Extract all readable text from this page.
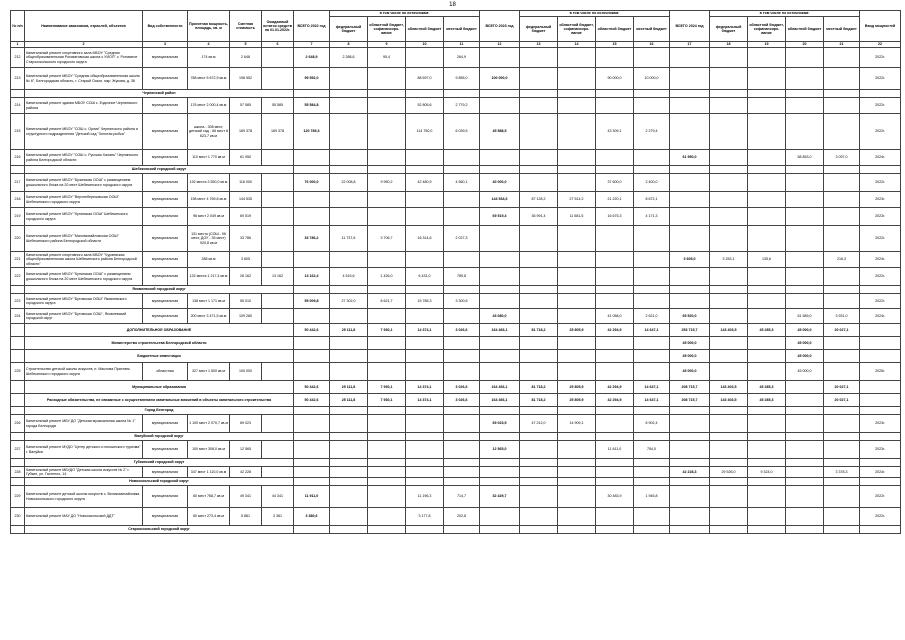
18
№ п/п	Наименование заказчиков, отраслей, объектов	Вид собственности	Проектная мощность, площадь, кв. м	Сметная стоимость	Ожидаемый остаток средств на 01.01.2022г.	ВСЕГО 2022 год	в том числе по источникам:				ВСЕГО 2023 год	в том числе по источникам:				ВСЕГО 2024 год	в том числе по источникам:				Ввод мощностей
							федеральный бюджет	областной бюджет, софинансиро-вание	областной бюджет	местный бюджет		федеральный бюджет	областной бюджет, софинансиро-вание	областной бюджет	местный бюджет		федеральный бюджет	областной бюджет, софинансиро-вание	областной бюджет	местный бюджет	
1	2	3	4	5	6	7	8	9	10	11	12	13	14	15	16	17	18	19	20	21	22
212	Капитальный ремонт спортивного зала МБОУ "Средняя общеобразовательная Роговатовская школа с УИОП" с. Роговатое Старооскольского городского округа	муниципальная	174 кв.м	2 648		2 648,9	2 288,6	95,4		264,9											2022г.
213	Капитальный ремонт МБОУ "Средняя общеобразовательная школа № 6", Белгородская область, г. Старый Оскол, мкр. Жукова, д. 36	муниципальная	788 мест 5 672,9 кв.м	198 552		99 552,0			88 697,0	9 855,0	100 000,0			90 000,0	10 000,0						2022г.
	Чернянский район																				
214	Капитальный ремонт здания МБОУ СОШ с. Ездочное Чернянского района	муниципальная	176 мест 2 000,4 кв.м	57 585	55 585	55 584,8			52 805,6	2 779,2											2022г.
215	Капитальный ремонт МБОУ "СОШ с. Орлик" Чернянского района и структурного подразделения "Детский сад "Золотая рыбка"	муниципальная	школа - 308 мест, детский сад - 66 мест 8 623,7 кв.м	169 378	169 378	120 789,3			114 750,0	6 039,5	45 588,5			43 309,1	2 279,4						2022г.
216	Капитальный ремонт МБОУ "СОШ с. Русская Халань" Чернянского района Белгородской области	муниципальная	110 мест 1 770 кв.м	61 950												61 950,0			58 853,0	3 097,0	2024г.
	Шебекинский городской округ																				
217	Капитальный ремонт МБОУ "Бузинская ООШ" с размещением дошкольного блока на 20 мест Шебекинского городского округа	муниципальная	192 места 3 550,0 кв.м	116 000		76 000,0	22 008,8	9 950,2	42 480,9	4 560,1	40 000,0			37 600,0	2 400,0						2022г.
218	Капитальный ремонт МБОУ "Верхнеберезовская ООШ" Шебекинского городского округа	муниципальная	198 мест 4 769,8 кв.м	144 535							144 534,6	87 128,2	27 514,2	21 220,1	8 672,1						2023г.
219	Капитальный ремонт МБОУ "Купинская ООШ" Шебекинского городского округа	муниципальная	96 мест 2 049 кв.м	69 519							69 519,4	36 991,4	11 681,5	16 675,3	4 171,3						2023г.
220	Капитальный ремонт МБОУ "Маломихайловская ООШ" Шебекинского района Белгородской области	муниципальная	131 место (СОШ - 96 мест, ДОУ - 35 мест) 920,8 кв.м	33 786		33 786,2	11 737,6	3 706,7	16 314,6	2 027,3											2022г.
221	Капитальный ремонт спортивного зала МБОУ "Чураевская общеобразовательная школа Шебекинского района Белгородской области"	муниципальная	288 кв.м	3 605												3 605,0	3 253,1	135,6		216,3	2024г.
222	Капитальный ремонт МБОУ "Купинская ООШ" с размещением дошкольного блока на 20 мест Шебекинского городского округа	муниципальная	132 места 1 217,4 кв.м	28 162	13 162	13 162,4	4 515,6	1 426,0	6 431,0	789,8											2022г.
	Яковлевский городской округ																				
223	Капитальный ремонт МБОУ "Бутовская ООШ" Яковлевского городского округа	муниципальная	138 мест 1 171 кв.м	55 010		55 009,8	27 302,0	8 621,7	15 785,3	3 300,6											2022г.
224	Капитальный ремонт МБОУ "Бутовская СОШ", Яковлевский городской округ	муниципальная	200 мест 3 471,5 кв.м	109 280							43 080,0			41 058,0	2 621,0	65 520,0			61 589,0	3 931,0	2024г.
	ДОПОЛНИТЕЛЬНОЕ ОБРАЗОВАНИЕ					50 442,6	25 111,8	7 930,1	14 374,1	3 026,6	164 466,1	81 718,2	25 805,9	42 294,9	14 647,1	253 715,7	143 403,5	45 285,3	45 000,0	20 027,1	
	Министерство строительства Белгородской области															45 000,0			45 000,0		
	Бюджетные инвестиции															45 000,0			45 000,0		
225	Строительство детской школы искусств, п. Маслова Пристань Шебекинского городского округа	областная	327 мест 1 500 кв.м	100 000												45 000,0			45 000,0		2025г.
	Муниципальные образования					50 442,6	25 111,8	7 930,1	14 374,1	3 026,6	164 466,1	81 718,2	25 805,9	42 294,9	14 647,1	208 715,7	143 403,5	45 285,3		20 027,1	
	Расходные обязательства, не связанные с осуществлением капитальных вложений в объекты капитального строительства					50 442,6	25 111,8	7 930,1	14 374,1	3 026,6	164 466,1	81 718,2	25 805,9	42 294,9	14 647,1	208 715,7	143 403,5	45 285,3		20 027,1	
	Город Белгород																				
226	Капитальный ремонт МБУ ДО "Детская музыкальная школа № 1" города Белгорода	муниципальная	1 100 мест 2 070,7 кв.м	69 023							69 023,5	47 212,0	14 909,1		6 902,4						2023г.
	Валуйский городской округ																				
227	Капитальный ремонт МУДО "Центр детского и юношеского туризма" г. Валуйки	муниципальная	100 мест 308,0 кв.м	12 565							12 565,0			11 811,0	754,0						2023г.
	Губкинский городской округ																				
228	Капитальный ремонт МБУДО "Детская школа искусств № 2" г. Губкин, ул. Гастелло, 14	муниципальная	347 мест 1 110,0 кв.м	42 228												42 228,3	29 526,0	9 324,0		3 378,3	2024г.
	Новооскольский городской округ																				
229	Капитальный ремонт детской школы искусств с. Великомихайловка Новооскольского городского округа	муниципальная	60 мест 768,7 кв.м	49 341	44 341	11 911,0			11 196,3	714,7	32 429,7			30 483,9	1 945,8						2022г.
230	Капитальный ремонт МАУ ДО "Новооскольский ДДТ"	муниципальная	60 мест 273,4 кв.м	5 881	3 381	3 380,6			3 177,8	202,8											2022г.
	Старооскольский городской округ																				
